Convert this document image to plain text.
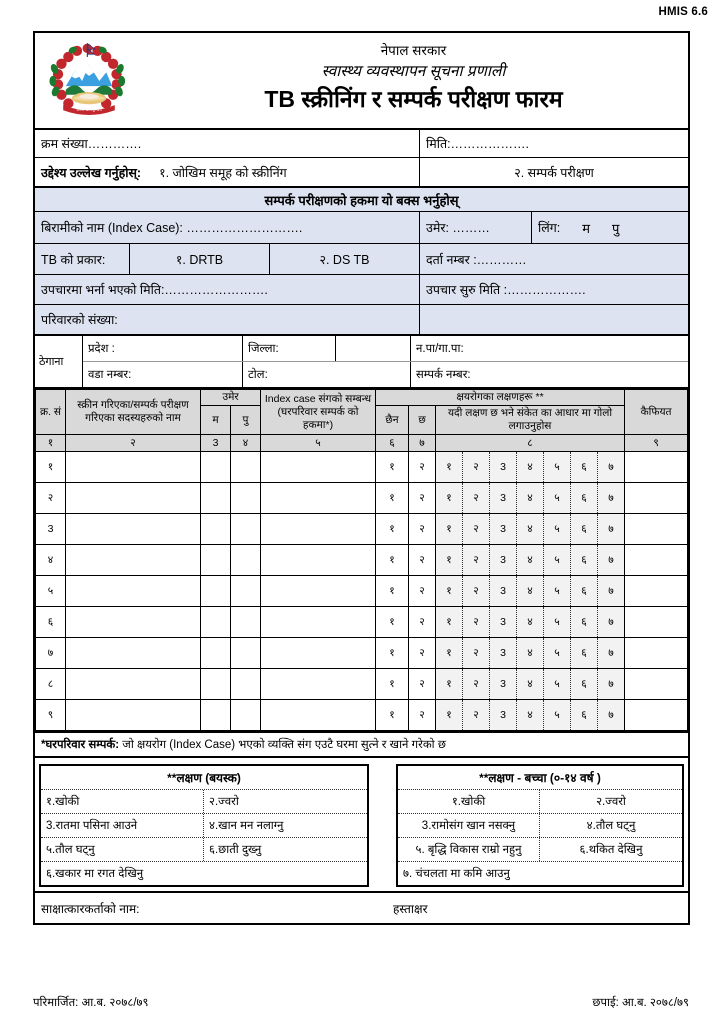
HMIS 6.6
जननी जन्मभूमिश्च
नेपाल सरकार
स्वास्थ्य व्यवस्थापन सूचना प्रणाली
TB स्क्रीनिंग र सम्पर्क परीक्षण फारम
क्रम संख्या………….	मिति:……………….
उद्देश्य उल्लेख गर्नुहोस्: १. जोखिम समूह को स्क्रीनिंग	२. सम्पर्क परीक्षण
सम्पर्क परीक्षणको हकमा यो बक्स भर्नुहोस्
बिरामीको नाम (Index Case): ……………………….	उमेर: ………	लिंग: म पु
TB को प्रकार:	१. DRTB	२. DS TB	दर्ता नम्बर :…………
उपचारमा भर्ना भएको मिति:…………………….	उपचार सुरु मिति :……………….
परिवारको संख्या:
ठेगाना
प्रदेश :	जिल्ला:	न.पा/गा.पा:
वडा नम्बर:	टोल:	सम्पर्क नम्बर:
क्र. सं	स्क्रीन गरिएका/सम्पर्क परीक्षण गरिएका सदस्यहरुको नाम	उमेर		Index case संगको सम्बन्ध (घरपरिवार सम्पर्क को हकमा*)	क्षयरोगका लक्षणहरू **									कैफियत
		म	पु		छैन	छ	यदी लक्षण छ भने संकेत का आधार मा गोलो लगाउनुहोस							
१	२	3	४	५	६	७	८							९
१					१	२	१	२	3	४	५	६	७	
२					१	२	१	२	3	४	५	६	७	
3					१	२	१	२	3	४	५	६	७	
४					१	२	१	२	3	४	५	६	७	
५					१	२	१	२	3	४	५	६	७	
६					१	२	१	२	3	४	५	६	७	
७					१	२	१	२	3	४	५	६	७	
८					१	२	१	२	3	४	५	६	७	
९					१	२	१	२	3	४	५	६	७	
*घरपरिवार सम्पर्क: जो क्षयरोग (Index Case) भएको व्यक्ति संग एउटै घरमा सुत्ने र खाने गरेको छ
**लक्षण (बयस्क)
१.खोकी	२.ज्वरो
3.रातमा पसिना आउने	४.खान मन नलाग्नु
५.तौल घट्नु	६.छाती दुख्नु
६.खकार मा रगत देखिनु
**लक्षण - बच्चा (०-१४ वर्ष )
१.खोकी	२.ज्वरो
3.रामोसंग खान नसक्नु	४.तौल घट्नु
५. बृद्धि विकास राम्रो नहुनु	६.थकित देखिनु
७. चंचलता मा कमि आउनु
साक्षात्कारकर्ताको नाम:	हस्ताक्षर
परिमार्जित: आ.ब. २०७८/७९	छपाई: आ.ब. २०७८/७९
